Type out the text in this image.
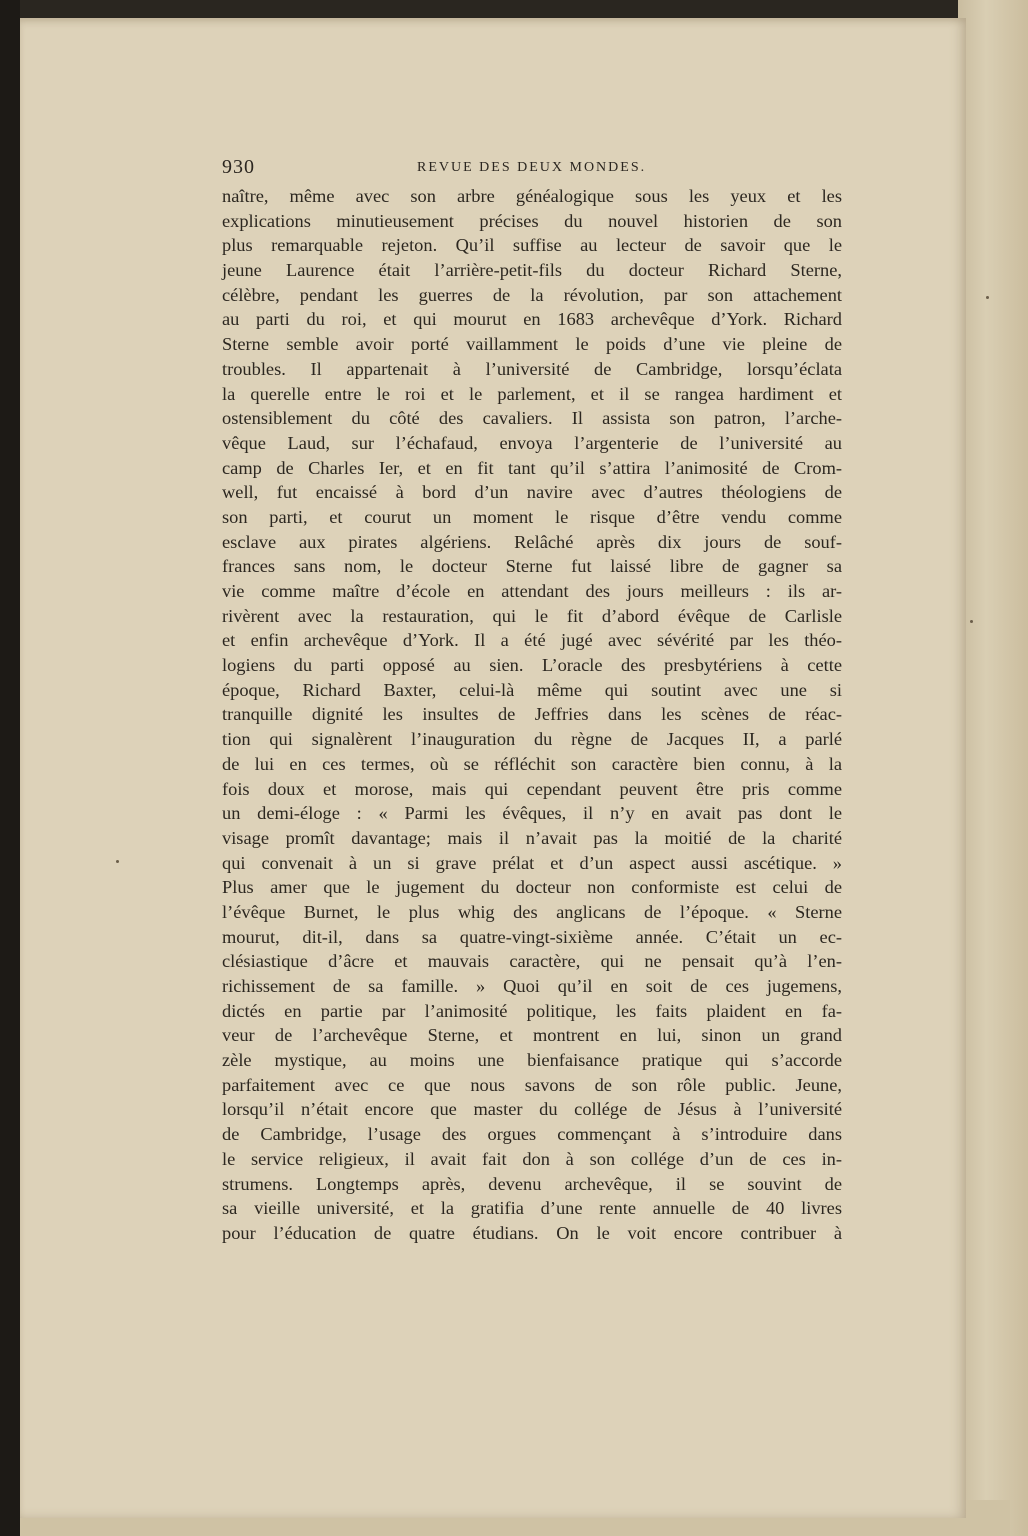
930	REVUE DES DEUX MONDES.
naître, même avec son arbre généalogique sous les yeux et les
explications minutieusement précises du nouvel historien de son
plus remarquable rejeton. Qu’il suffise au lecteur de savoir que le
jeune Laurence était l’arrière-petit-fils du docteur Richard Sterne,
célèbre, pendant les guerres de la révolution, par son attachement
au parti du roi, et qui mourut en 1683 archevêque d’York. Richard
Sterne semble avoir porté vaillamment le poids d’une vie pleine de
troubles. Il appartenait à l’université de Cambridge, lorsqu’éclata
la querelle entre le roi et le parlement, et il se rangea hardiment et
ostensiblement du côté des cavaliers. Il assista son patron, l’arche-
vêque Laud, sur l’échafaud, envoya l’argenterie de l’université au
camp de Charles Ier, et en fit tant qu’il s’attira l’animosité de Crom-
well, fut encaissé à bord d’un navire avec d’autres théologiens de
son parti, et courut un moment le risque d’être vendu comme
esclave aux pirates algériens. Relâché après dix jours de souf-
frances sans nom, le docteur Sterne fut laissé libre de gagner sa
vie comme maître d’école en attendant des jours meilleurs : ils ar-
rivèrent avec la restauration, qui le fit d’abord évêque de Carlisle
et enfin archevêque d’York. Il a été jugé avec sévérité par les théo-
logiens du parti opposé au sien. L’oracle des presbytériens à cette
époque, Richard Baxter, celui-là même qui soutint avec une si
tranquille dignité les insultes de Jeffries dans les scènes de réac-
tion qui signalèrent l’inauguration du règne de Jacques II, a parlé
de lui en ces termes, où se réfléchit son caractère bien connu, à la
fois doux et morose, mais qui cependant peuvent être pris comme
un demi-éloge : « Parmi les évêques, il n’y en avait pas dont le
visage promît davantage; mais il n’avait pas la moitié de la charité
qui convenait à un si grave prélat et d’un aspect aussi ascétique. »
Plus amer que le jugement du docteur non conformiste est celui de
l’évêque Burnet, le plus whig des anglicans de l’époque. « Sterne
mourut, dit-il, dans sa quatre-vingt-sixième année. C’était un ec-
clésiastique d’âcre et mauvais caractère, qui ne pensait qu’à l’en-
richissement de sa famille. » Quoi qu’il en soit de ces jugemens,
dictés en partie par l’animosité politique, les faits plaident en fa-
veur de l’archevêque Sterne, et montrent en lui, sinon un grand
zèle mystique, au moins une bienfaisance pratique qui s’accorde
parfaitement avec ce que nous savons de son rôle public. Jeune,
lorsqu’il n’était encore que master du collége de Jésus à l’université
de Cambridge, l’usage des orgues commençant à s’introduire dans
le service religieux, il avait fait don à son collége d’un de ces in-
strumens. Longtemps après, devenu archevêque, il se souvint de
sa vieille université, et la gratifia d’une rente annuelle de 40 livres
pour l’éducation de quatre étudians. On le voit encore contribuer à
